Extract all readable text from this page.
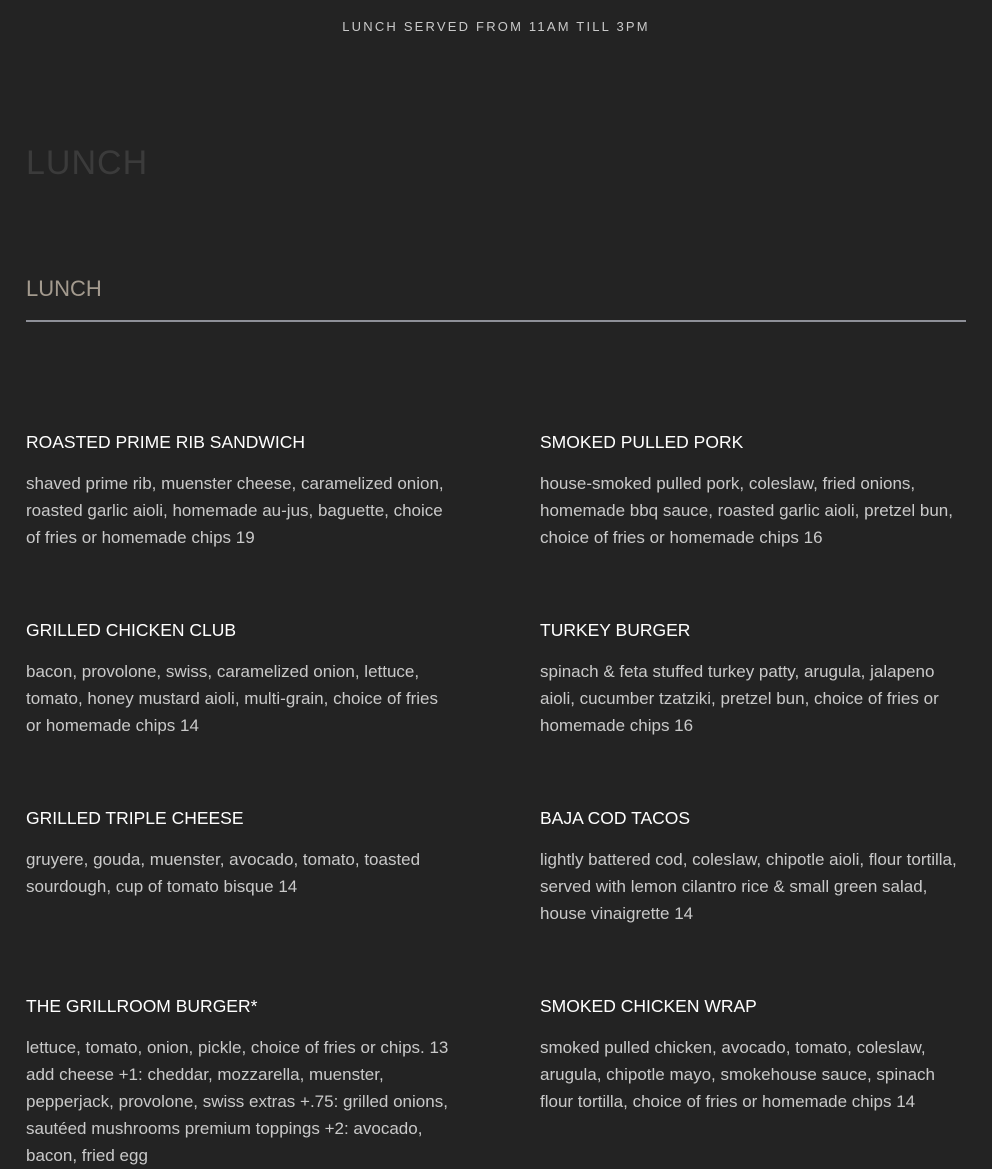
LUNCH SERVED FROM 11AM TILL 3PM
LUNCH
LUNCH
ROASTED PRIME RIB SANDWICH

shaved prime rib, muenster cheese, caramelized onion, roasted garlic aioli, homemade au-jus, baguette, choice of fries or homemade chips 19

SMOKED PULLED PORK

house-smoked pulled pork, coleslaw, fried onions, homemade bbq sauce, roasted garlic aioli, pretzel bun, choice of fries or homemade chips 16

GRILLED CHICKEN CLUB

bacon, provolone, swiss, caramelized onion, lettuce, tomato, honey mustard aioli, multi-grain, choice of fries or homemade chips 14

TURKEY BURGER

spinach & feta stuffed turkey patty, arugula, jalapeno aioli, cucumber tzatziki, pretzel bun, choice of fries or homemade chips 16

GRILLED TRIPLE CHEESE

gruyere, gouda, muenster, avocado, tomato, toasted sourdough, cup of tomato bisque 14

BAJA COD TACOS

lightly battered cod, coleslaw, chipotle aioli, flour tortilla, served with lemon cilantro rice & small green salad, house vinaigrette 14

THE GRILLROOM BURGER*

lettuce, tomato, onion, pickle, choice of fries or chips. 13 add cheese +1: cheddar, mozzarella, muenster, pepperjack, provolone, swiss extras +.75: grilled onions, sautéed mushrooms premium toppings +2: avocado, bacon, fried egg

SMOKED CHICKEN WRAP

smoked pulled chicken, avocado, tomato, coleslaw, arugula, chipotle mayo, smokehouse sauce, spinach flour tortilla, choice of fries or homemade chips 14
